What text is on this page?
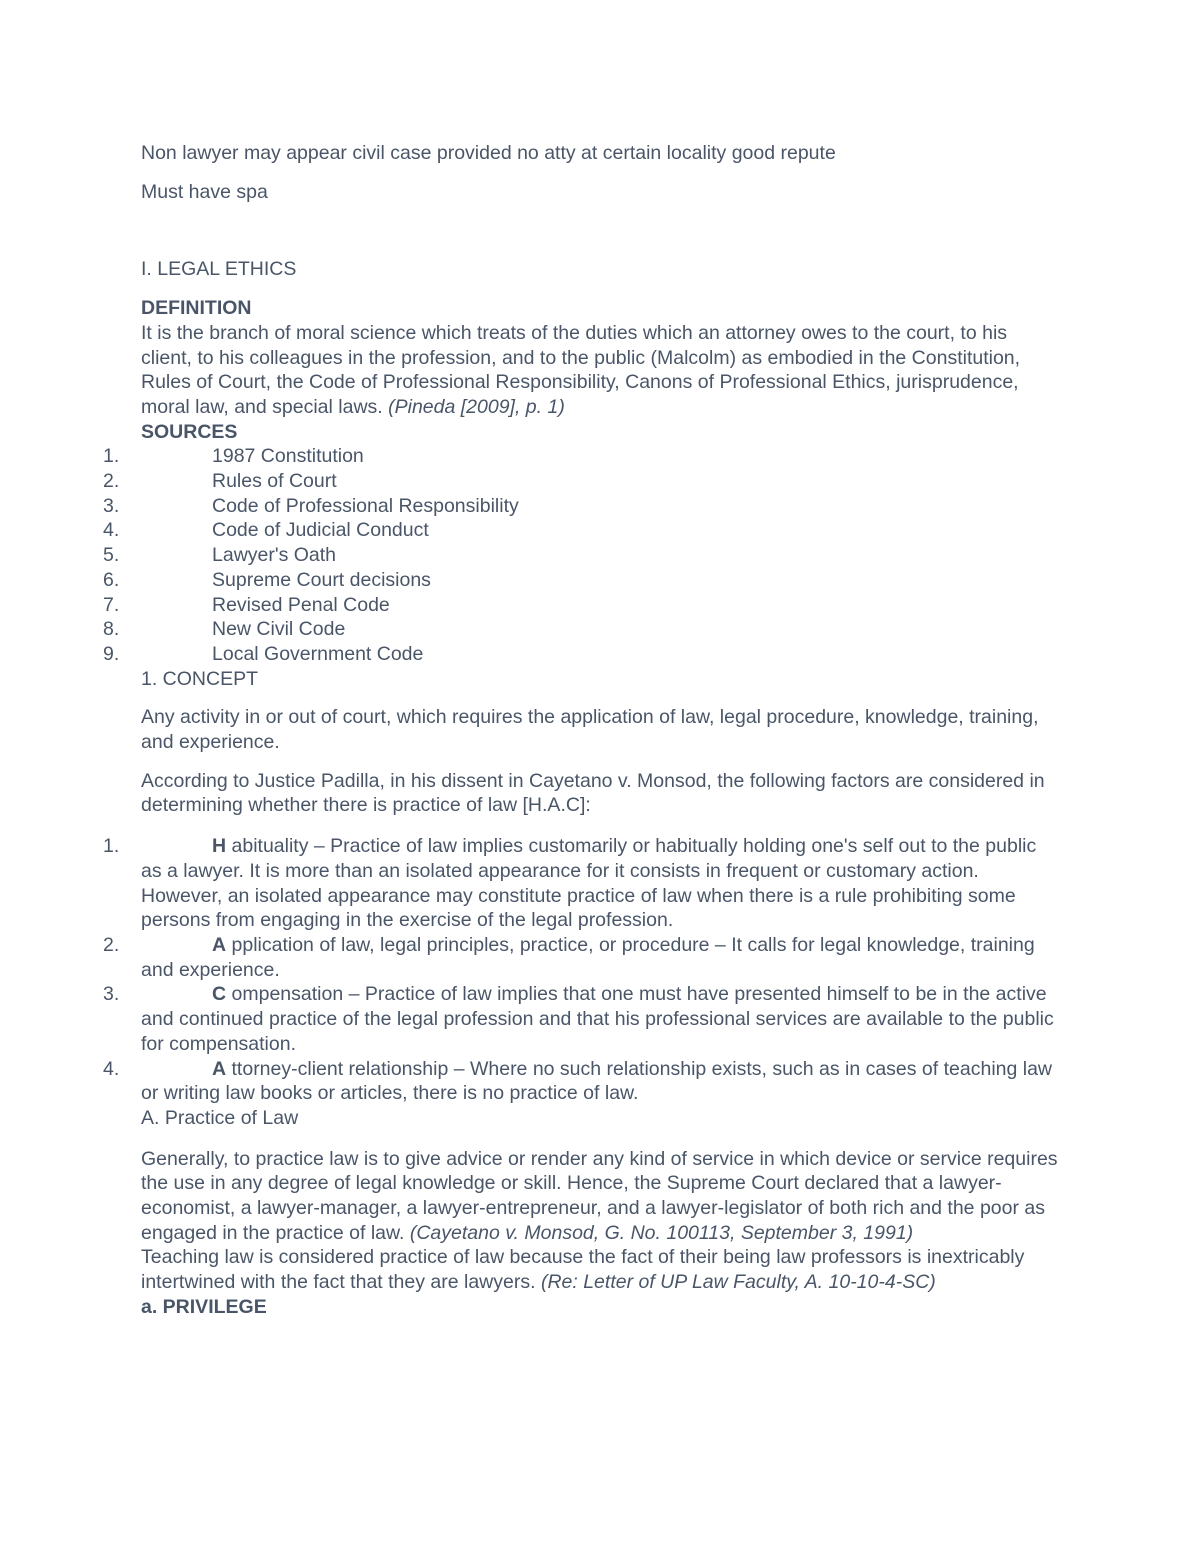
Non lawyer may appear civil case provided no atty at certain locality good repute

Must have spa

I. LEGAL ETHICS

DEFINITION

It is the branch of moral science which treats of the duties which an attorney owes to the court, to his client, to his colleagues in the profession, and to the public (Malcolm) as embodied in the Constitution, Rules of Court, the Code of Professional Responsibility, Canons of Professional Ethics, jurisprudence, moral law, and special laws. (Pineda [2009], p. 1)

SOURCES

1.	1987 Constitution
2.	Rules of Court
3.	Code of Professional Responsibility
4.	Code of Judicial Conduct
5.	Lawyer's Oath
6.	Supreme Court decisions
7.	Revised Penal Code
8.	New Civil Code
9.	Local Government Code

1. CONCEPT

Any activity in or out of court, which requires the application of law, legal procedure, knowledge, training, and experience.

According to Justice Padilla, in his dissent in Cayetano v. Monsod, the following factors are considered in determining whether there is practice of law [H.A.C]:

1.	H abituality – Practice of law implies customarily or habitually holding one's self out to the public as a lawyer. It is more than an isolated appearance for it consists in frequent or customary action. However, an isolated appearance may constitute practice of law when there is a rule prohibiting some persons from engaging in the exercise of the legal profession.
2.	A pplication of law, legal principles, practice, or procedure – It calls for legal knowledge, training and experience.
3.	C ompensation – Practice of law implies that one must have presented himself to be in the active and continued practice of the legal profession and that his professional services are available to the public for compensation.
4.	A ttorney-client relationship – Where no such relationship exists, such as in cases of teaching law or writing law books or articles, there is no practice of law.

A. Practice of Law

Generally, to practice law is to give advice or render any kind of service in which device or service requires the use in any degree of legal knowledge or skill. Hence, the Supreme Court declared that a lawyer-economist, a lawyer-manager, a lawyer-entrepreneur, and a lawyer-legislator of both rich and the poor as engaged in the practice of law. (Cayetano v. Monsod, G. No. 100113, September 3, 1991)

Teaching law is considered practice of law because the fact of their being law professors is inextricably intertwined with the fact that they are lawyers. (Re: Letter of UP Law Faculty, A. 10-10-4-SC)

a. PRIVILEGE
